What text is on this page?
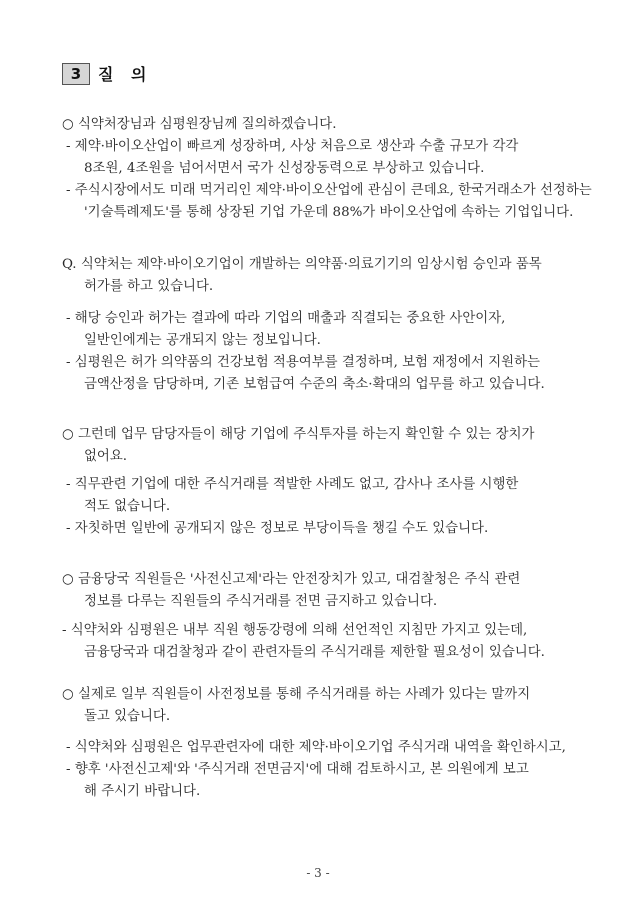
3	질 의
○ 식약처장님과 심평원장님께 질의하겠습니다.
- 제약·바이오산업이 빠르게 성장하며, 사상 처음으로 생산과 수출 규모가 각각
8조원, 4조원을 넘어서면서 국가 신성장동력으로 부상하고 있습니다.
- 주식시장에서도 미래 먹거리인 제약·바이오산업에 관심이 큰데요, 한국거래소가 선정하는
'기술특례제도'를 통해 상장된 기업 가운데 88%가 바이오산업에 속하는 기업입니다.
Q. 식약처는 제약·바이오기업이 개발하는 의약품·의료기기의 임상시험 승인과 품목
허가를 하고 있습니다.
- 해당 승인과 허가는 결과에 따라 기업의 매출과 직결되는 중요한 사안이자,
일반인에게는 공개되지 않는 정보입니다.
- 심평원은 허가 의약품의 건강보험 적용여부를 결정하며, 보험 재정에서 지원하는
금액산정을 담당하며, 기존 보험급여 수준의 축소·확대의 업무를 하고 있습니다.
○ 그런데 업무 담당자들이 해당 기업에 주식투자를 하는지 확인할 수 있는 장치가
없어요.
- 직무관련 기업에 대한 주식거래를 적발한 사례도 없고, 감사나 조사를 시행한
적도 없습니다.
- 자칫하면 일반에 공개되지 않은 정보로 부당이득을 챙길 수도 있습니다.
○ 금융당국 직원들은 '사전신고제'라는 안전장치가 있고, 대검찰청은 주식 관련
정보를 다루는 직원들의 주식거래를 전면 금지하고 있습니다.
- 식약처와 심평원은 내부 직원 행동강령에 의해 선언적인 지침만 가지고 있는데,
금융당국과 대검찰청과 같이 관련자들의 주식거래를 제한할 필요성이 있습니다.
○ 실제로 일부 직원들이 사전정보를 통해 주식거래를 하는 사례가 있다는 말까지
돌고 있습니다.
- 식약처와 심평원은 업무관련자에 대한 제약·바이오기업 주식거래 내역을 확인하시고,
- 향후 '사전신고제'와 '주식거래 전면금지'에 대해 검토하시고, 본 의원에게 보고
해 주시기 바랍니다.
- 3 -
